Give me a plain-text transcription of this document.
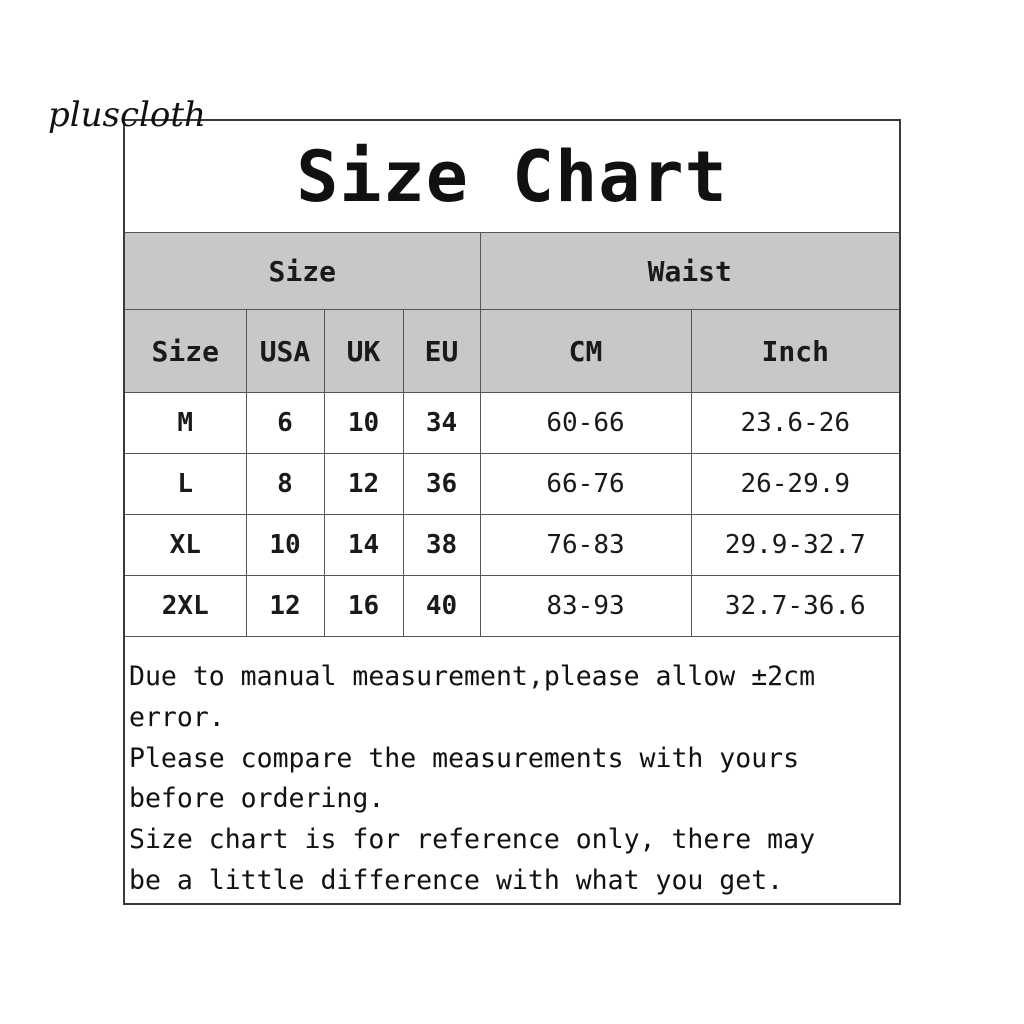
pluscloth
Size Chart
Size				Waist	
Size	USA	UK	EU	CM	Inch
M	6	10	34	60-66	23.6-26
L	8	12	36	66-76	26-29.9
XL	10	14	38	76-83	29.9-32.7
2XL	12	16	40	83-93	32.7-36.6
Due to manual measurement,please allow ±2cm
error.
Please compare the measurements with yours
before ordering.
Size chart is for reference only, there may
be a little difference with what you get.
